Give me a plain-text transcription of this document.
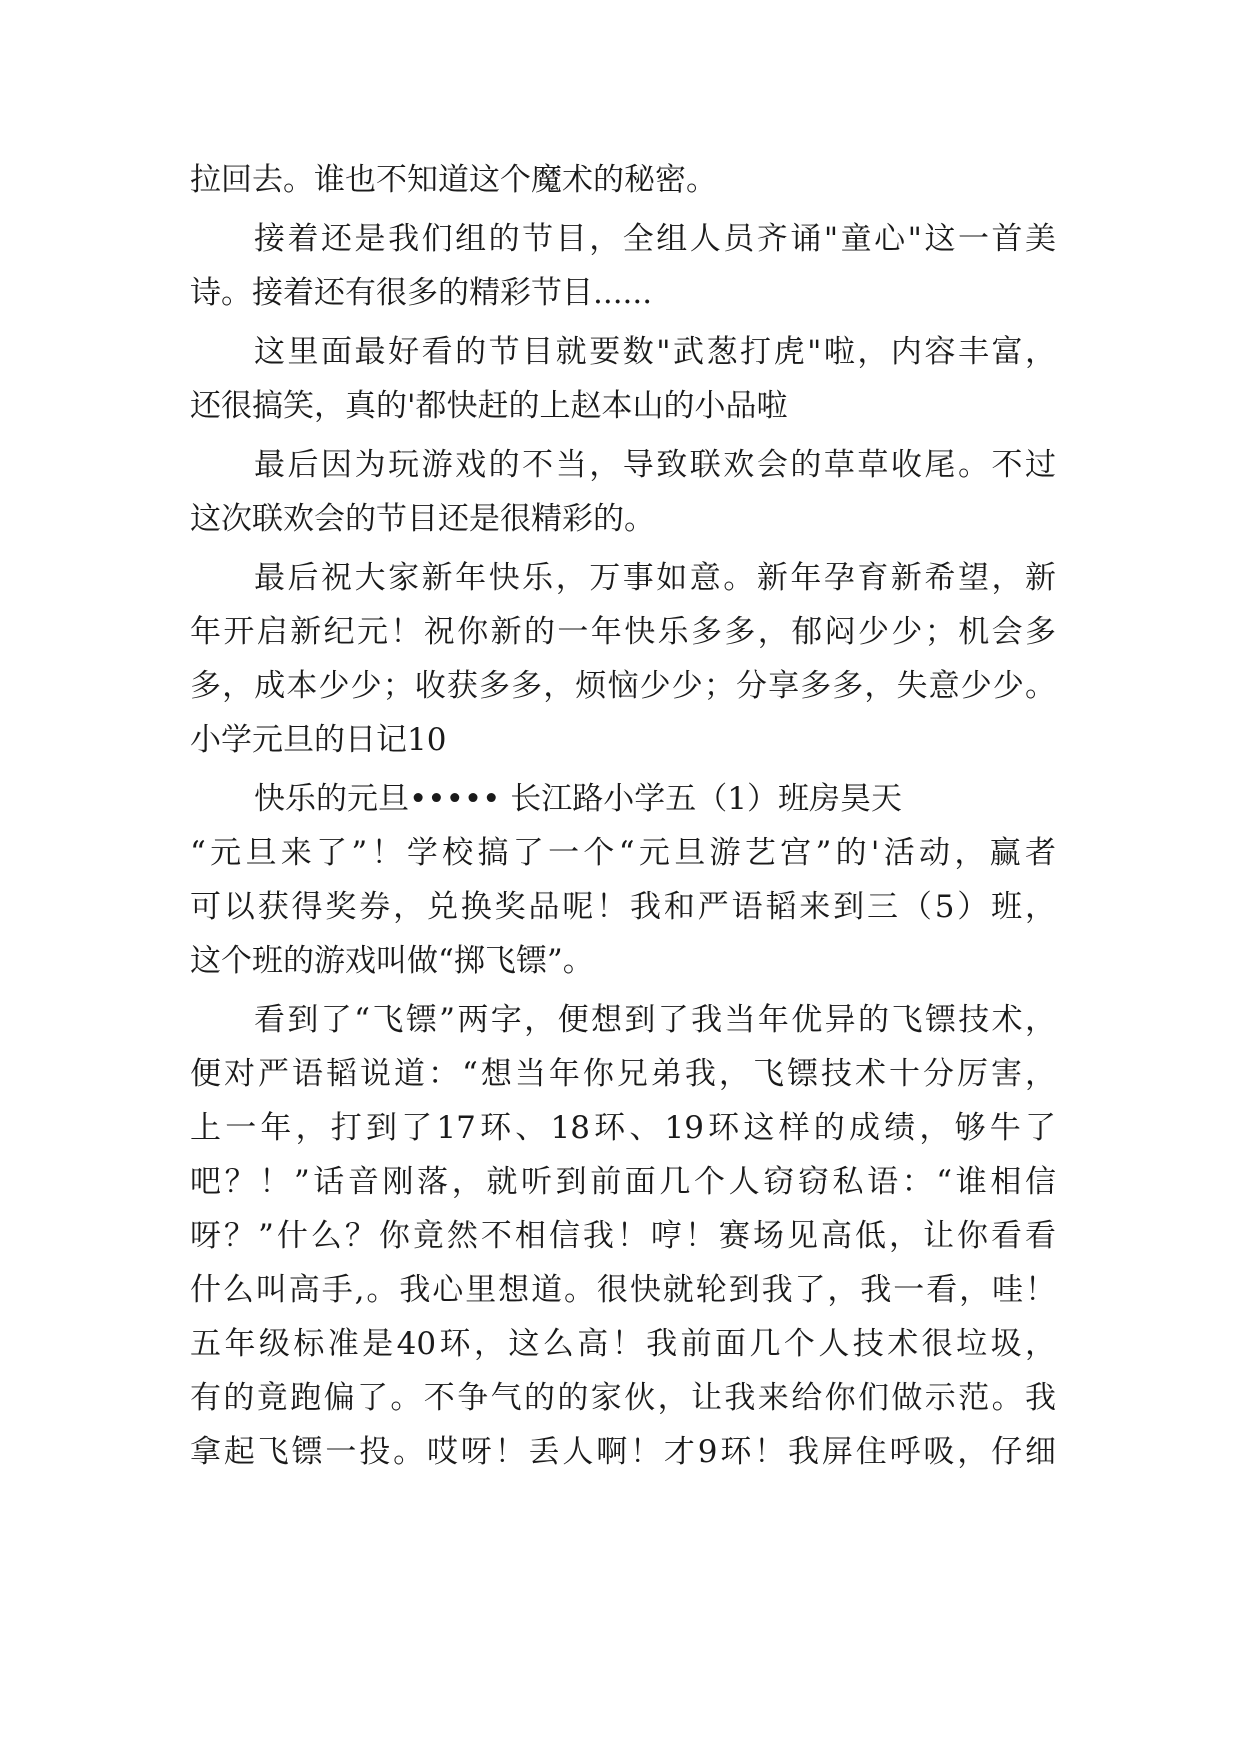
拉回去。谁也不知道这个魔术的秘密。
接着还是我们组的节目，全组人员齐诵"童心"这一首美
诗。接着还有很多的精彩节目......
这里面最好看的节目就要数"武葱打虎"啦，内容丰富，
还很搞笑，真的'都快赶的上赵本山的小品啦
最后因为玩游戏的不当，导致联欢会的草草收尾。不过
这次联欢会的节目还是很精彩的。
最后祝大家新年快乐，万事如意。新年孕育新希望，新
年开启新纪元！祝你新的一年快乐多多，郁闷少少；机会多
多，成本少少；收获多多，烦恼少少；分享多多，失意少少。
小学元旦的日记10
快乐的元旦••••• 长江路小学五（1）班房昊天
“元旦来了”！学校搞了一个“元旦游艺宫”的'活动，赢者
可以获得奖券，兑换奖品呢！我和严语韬来到三（5）班，
这个班的游戏叫做“掷飞镖”。
看到了“飞镖”两字，便想到了我当年优异的飞镖技术，
便对严语韬说道：“想当年你兄弟我，飞镖技术十分厉害，
上一年，打到了17环、18环、19环这样的成绩，够牛了
吧？！”话音刚落，就听到前面几个人窃窃私语：“谁相信
呀？”什么？你竟然不相信我！哼！赛场见高低，让你看看
什么叫高手,。我心里想道。很快就轮到我了，我一看，哇！
五年级标准是40环，这么高！我前面几个人技术很垃圾，
有的竟跑偏了。不争气的的家伙，让我来给你们做示范。我
拿起飞镖一投。哎呀！丢人啊！才9环！我屏住呼吸，仔细
